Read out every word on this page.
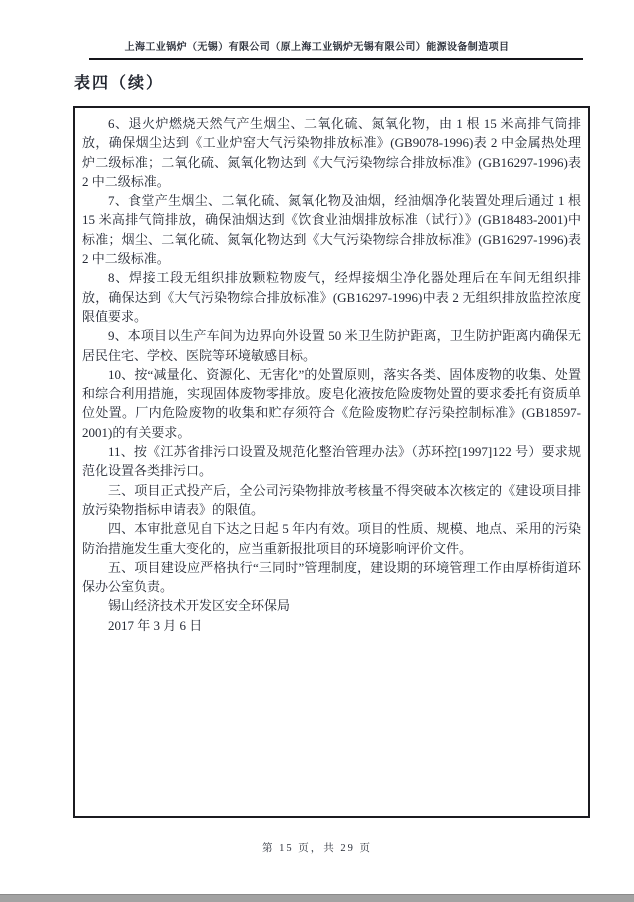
上海工业锅炉（无锡）有限公司（原上海工业锅炉无锡有限公司）能源设备制造项目
表四（续）

6、退火炉燃烧天然气产生烟尘、二氧化硫、氮氧化物，由 1 根 15 米高排气筒排放，确保烟尘达到《工业炉窑大气污染物排放标准》(GB9078-1996)表 2 中金属热处理炉二级标准；二氧化硫、氮氧化物达到《大气污染物综合排放标准》(GB16297-1996)表 2 中二级标准。

7、食堂产生烟尘、二氧化硫、氮氧化物及油烟，经油烟净化装置处理后通过 1 根 15 米高排气筒排放，确保油烟达到《饮食业油烟排放标准（试行）》(GB18483-2001)中标准；烟尘、二氧化硫、氮氧化物达到《大气污染物综合排放标准》(GB16297-1996)表 2 中二级标准。

8、焊接工段无组织排放颗粒物废气，经焊接烟尘净化器处理后在车间无组织排放，确保达到《大气污染物综合排放标准》(GB16297-1996)中表 2 无组织排放监控浓度限值要求。

9、本项目以生产车间为边界向外设置 50 米卫生防护距离，卫生防护距离内确保无居民住宅、学校、医院等环境敏感目标。

10、按“减量化、资源化、无害化”的处置原则，落实各类、固体废物的收集、处置和综合利用措施，实现固体废物零排放。废皂化液按危险废物处置的要求委托有资质单位处置。厂内危险废物的收集和贮存须符合《危险废物贮存污染控制标准》(GB18597-2001)的有关要求。

11、按《江苏省排污口设置及规范化整治管理办法》（苏环控[1997]122 号）要求规范化设置各类排污口。

三、项目正式投产后，全公司污染物排放考核量不得突破本次核定的《建设项目排放污染物指标申请表》的限值。

四、本审批意见自下达之日起 5 年内有效。项目的性质、规模、地点、采用的污染防治措施发生重大变化的，应当重新报批项目的环境影响评价文件。

五、项目建设应严格执行“三同时”管理制度，建设期的环境管理工作由厚桥街道环保办公室负责。

锡山经济技术开发区安全环保局

2017 年 3 月 6 日

第 15 页，共 29 页
